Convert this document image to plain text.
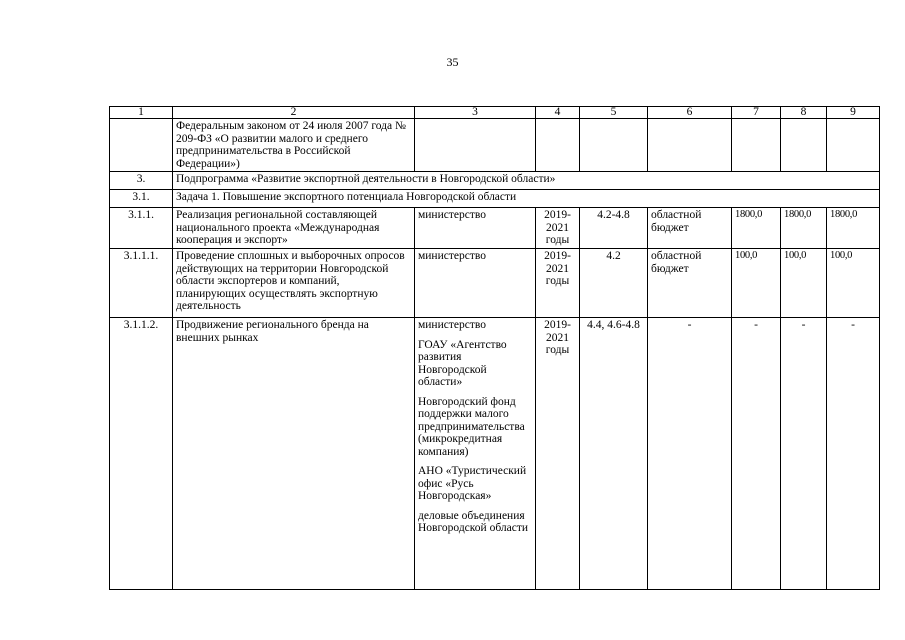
35
1	2	3	4	5	6	7	8	9
	Федеральным законом от 24 июля 2007 года № 209-ФЗ «О развитии малого и среднего предпринимательства в Российской Федерации»)							
3.	Подпрограмма «Развитие экспортной деятельности в Новгородской области»							
3.1.	Задача 1. Повышение экспортного потенциала Новгородской области							
3.1.1.	Реализация региональной составляющей национального проекта «Международная кооперация и экспорт»	министерство	2019-2021 годы	4.2-4.8	областной бюджет	1800,0	1800,0	1800,0
3.1.1.1.	Проведение сплошных и выборочных опросов действующих на территории Новгородской области экспортеров и компаний, планирующих осуществлять экспортную деятельность	министерство	2019-2021 годы	4.2	областной бюджет	100,0	100,0	100,0
3.1.1.2.	Продвижение регионального бренда на внешних рынках	министерство
ГОАУ «Агентство развития Новгородской области»
Новгородский фонд поддержки малого предпринимательства (микрокредитная компания)
АНО «Туристический офис «Русь Новгородская»
деловые объединения Новгородской области	2019-2021 годы	4.4, 4.6-4.8	-	-	-	-
